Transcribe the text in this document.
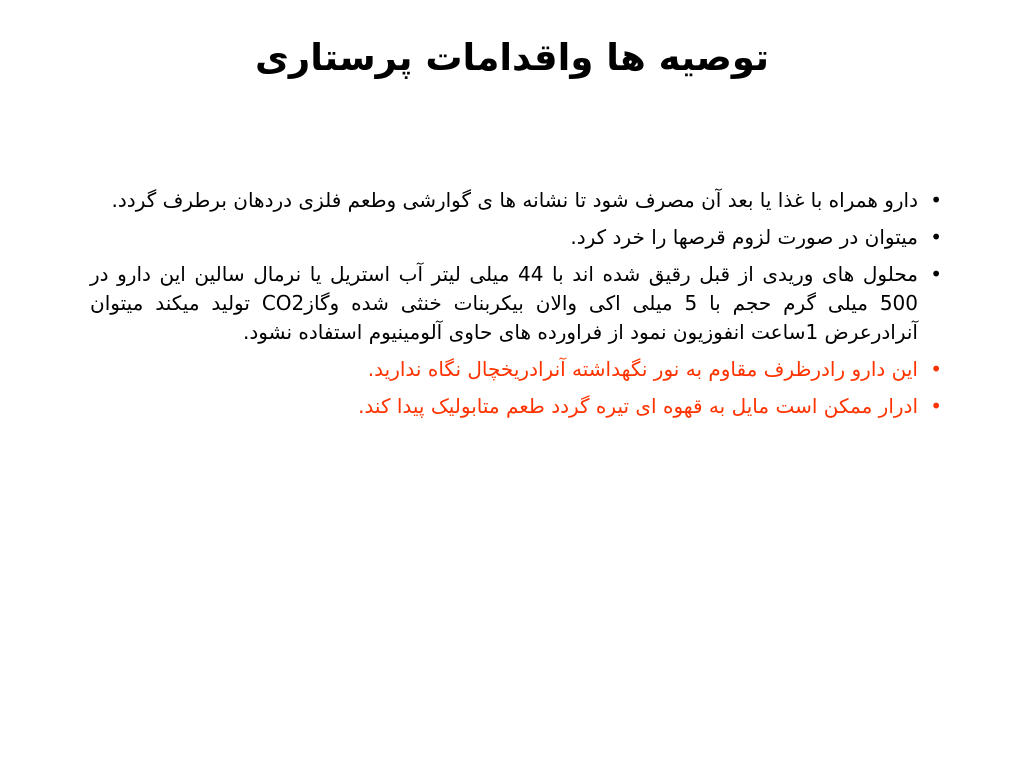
توصیه ها واقدامات پرستاری
•
دارو همراه با غذا یا بعد آن مصرف شود تا نشانه ها ی گوارشی وطعم فلزی دردهان برطرف گردد.
•
میتوان در صورت لزوم قرصها را خرد کرد.
•
محلول های وریدی از قبل رقیق شده اند با 44 میلی لیتر آب استریل یا نرمال سالین این دارو در 500 میلی گرم حجم با 5 میلی اکی والان بیکربنات خنثی شده وگازCO2 تولید میکند میتوان آنرادرعرض 1ساعت انفوزیون نمود از فراورده های حاوی آلومینیوم استفاده نشود.
•
این دارو رادرظرف مقاوم به نور نگهداشته آنرادریخچال نگاه ندارید.
•
ادرار ممکن است مایل به قهوه ای تیره گردد طعم متابولیک پیدا کند.
